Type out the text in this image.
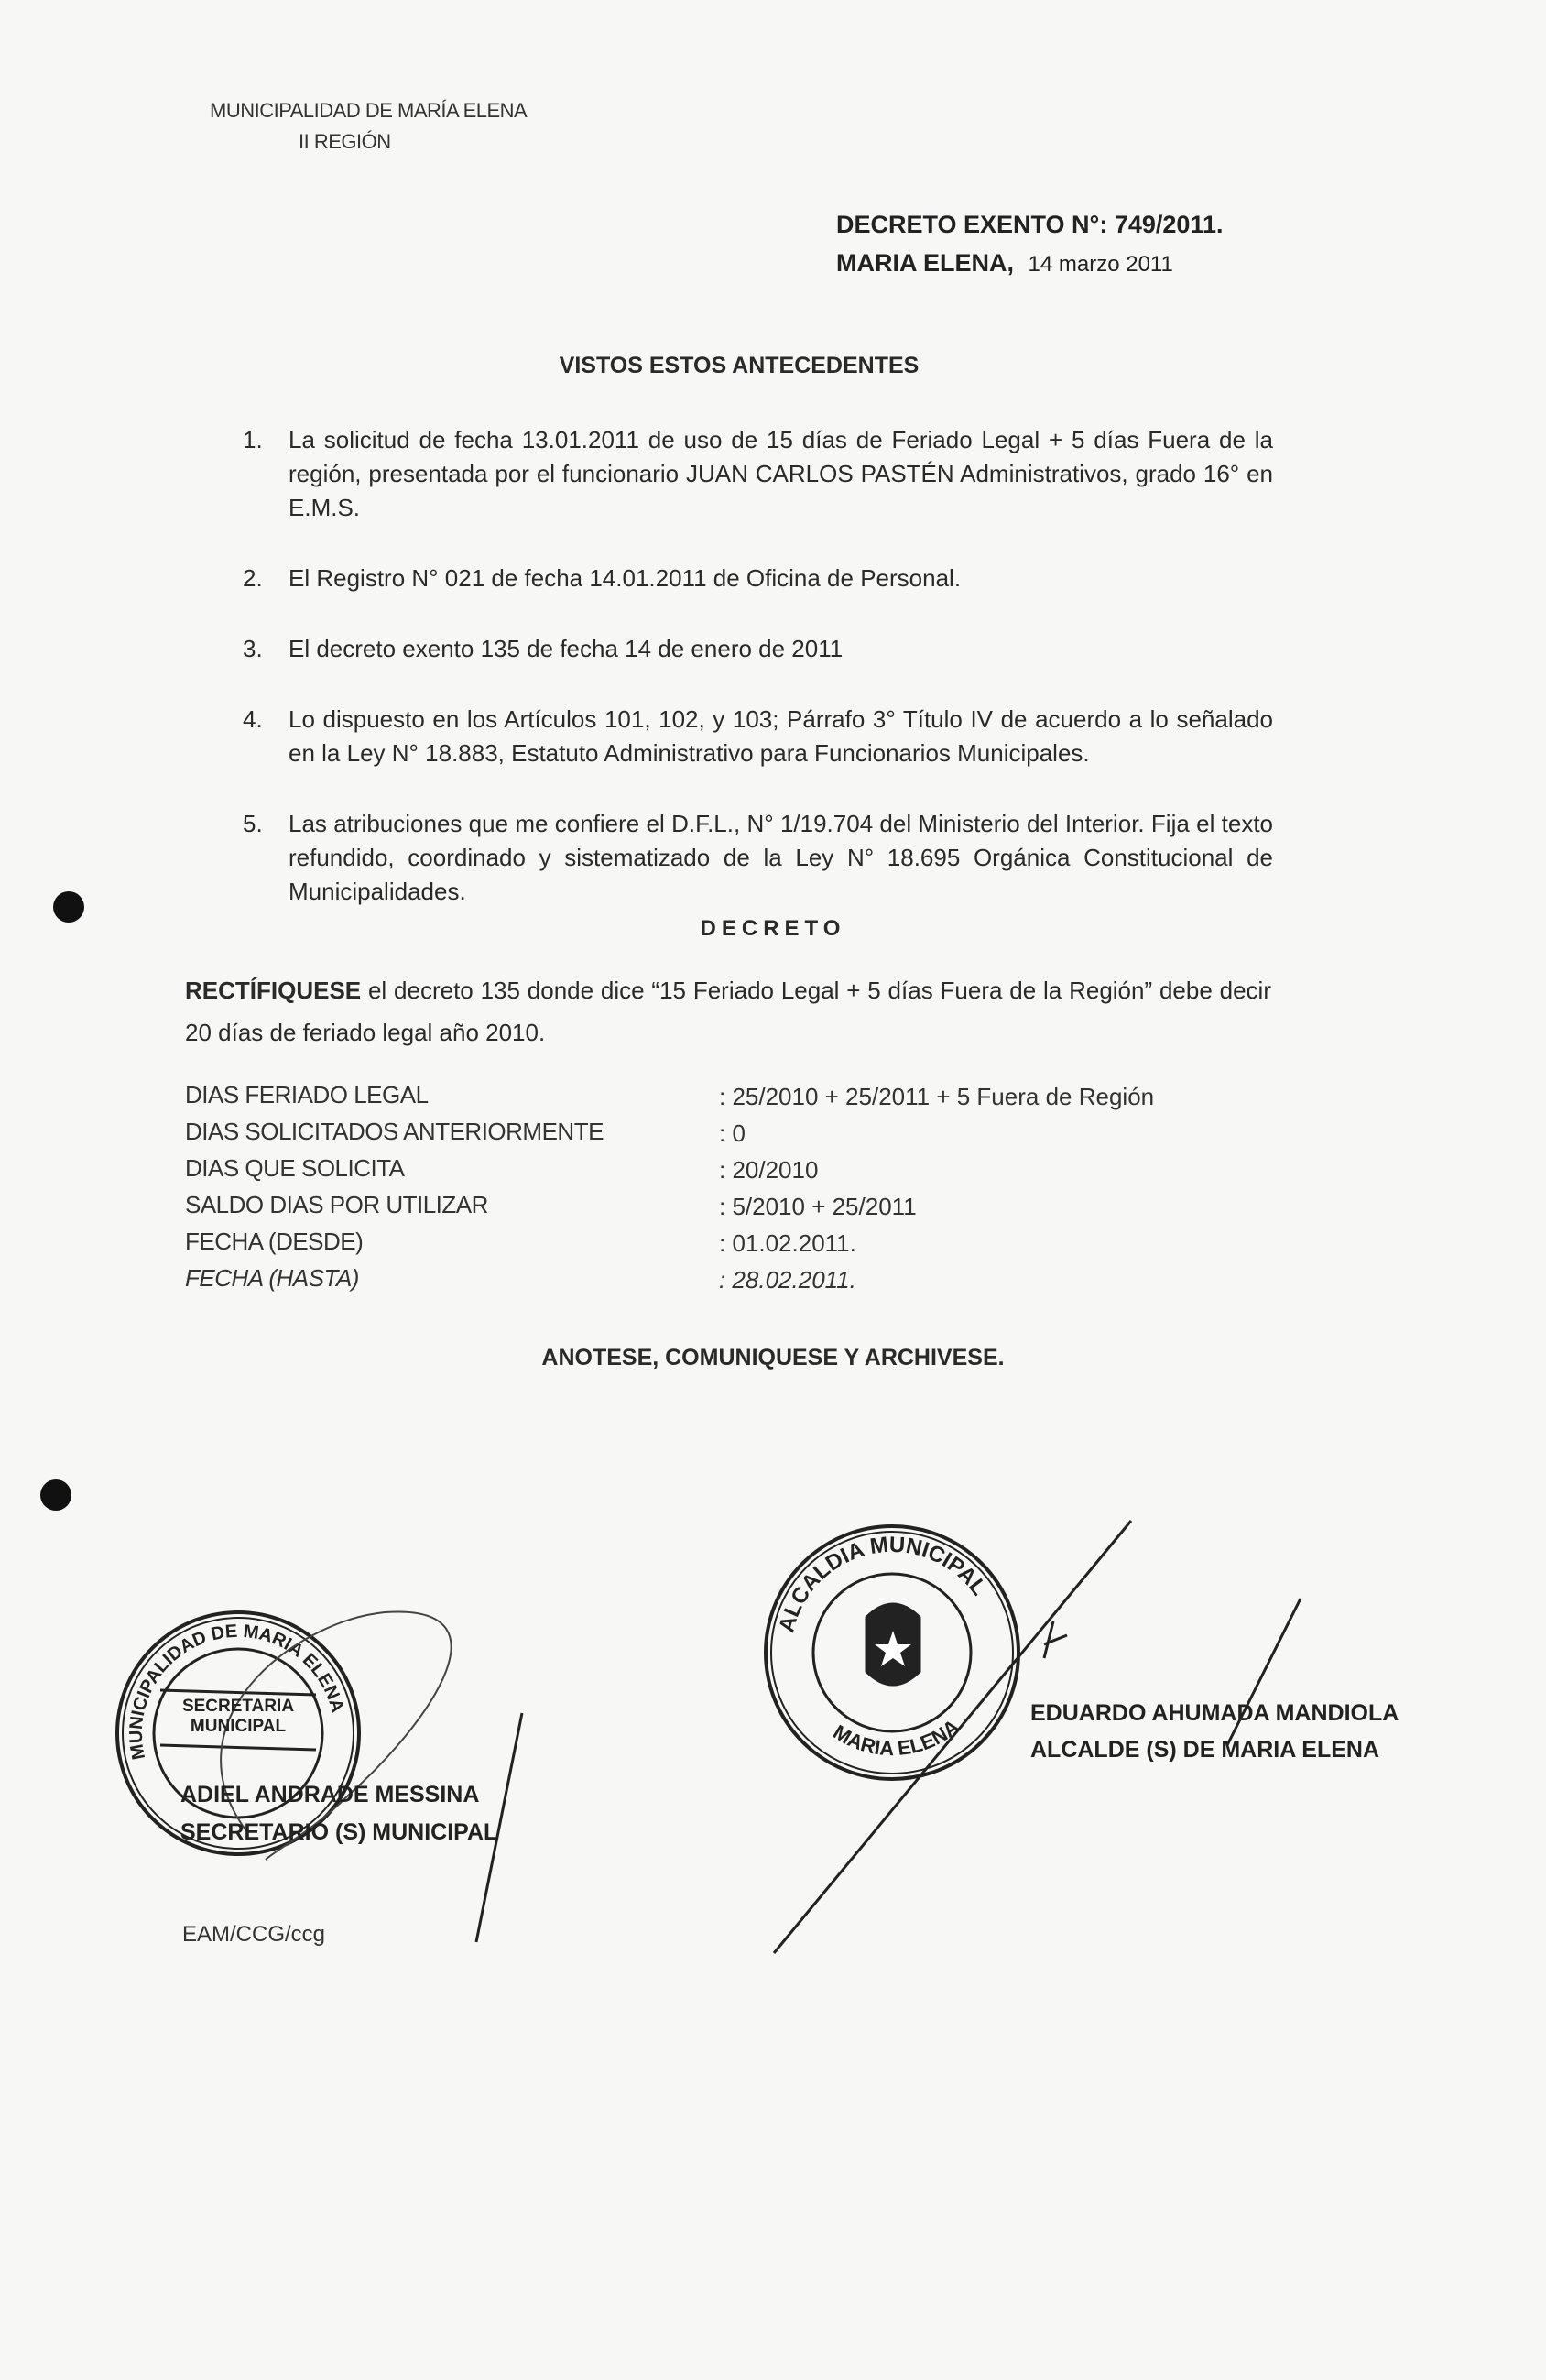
MUNICIPALIDAD DE MARÍA ELENA
II REGIÓN
DECRETO EXENTO N°: 749/2011.
MARIA ELENA, 14 marzo 2011
VISTOS ESTOS ANTECEDENTES
1. La solicitud de fecha 13.01.2011 de uso de 15 días de Feriado Legal + 5 días Fuera de la región, presentada por el funcionario JUAN CARLOS PASTÉN Administrativos, grado 16° en E.M.S.
2. El Registro N° 021 de fecha 14.01.2011 de Oficina de Personal.
3. El decreto exento 135 de fecha 14 de enero de 2011
4. Lo dispuesto en los Artículos 101, 102, y 103; Párrafo 3° Título IV de acuerdo a lo señalado en la Ley N° 18.883, Estatuto Administrativo para Funcionarios Municipales.
5. Las atribuciones que me confiere el D.F.L., N° 1/19.704 del Ministerio del Interior. Fija el texto refundido, coordinado y sistematizado de la Ley N° 18.695 Orgánica Constitucional de Municipalidades.
DECRETO
RECTÍFIQUESE el decreto 135 donde dice “15 Feriado Legal + 5 días Fuera de la Región” debe decir 20 días de feriado legal año 2010.
DIAS FERIADO LEGAL	: 25/2010 + 25/2011 + 5 Fuera de Región
DIAS SOLICITADOS ANTERIORMENTE	: 0
DIAS QUE SOLICITA	: 20/2010
SALDO DIAS POR UTILIZAR	: 5/2010 + 25/2011
FECHA (DESDE)	: 01.02.2011.
FECHA (HASTA)	: 28.02.2011.
ANOTESE, COMUNIQUESE Y ARCHIVESE.
MUNICIPALIDAD DE MARIA ELENA
ALCALDIA MUNICIPAL
MARIA ELENA
SECRETARIA MUNICIPAL
ADIEL ANDRADE MESSINA
SECRETARIO (S) MUNICIPAL
EDUARDO AHUMADA MANDIOLA
ALCALDE (S) DE MARIA ELENA
EAM/CCG/ccg
